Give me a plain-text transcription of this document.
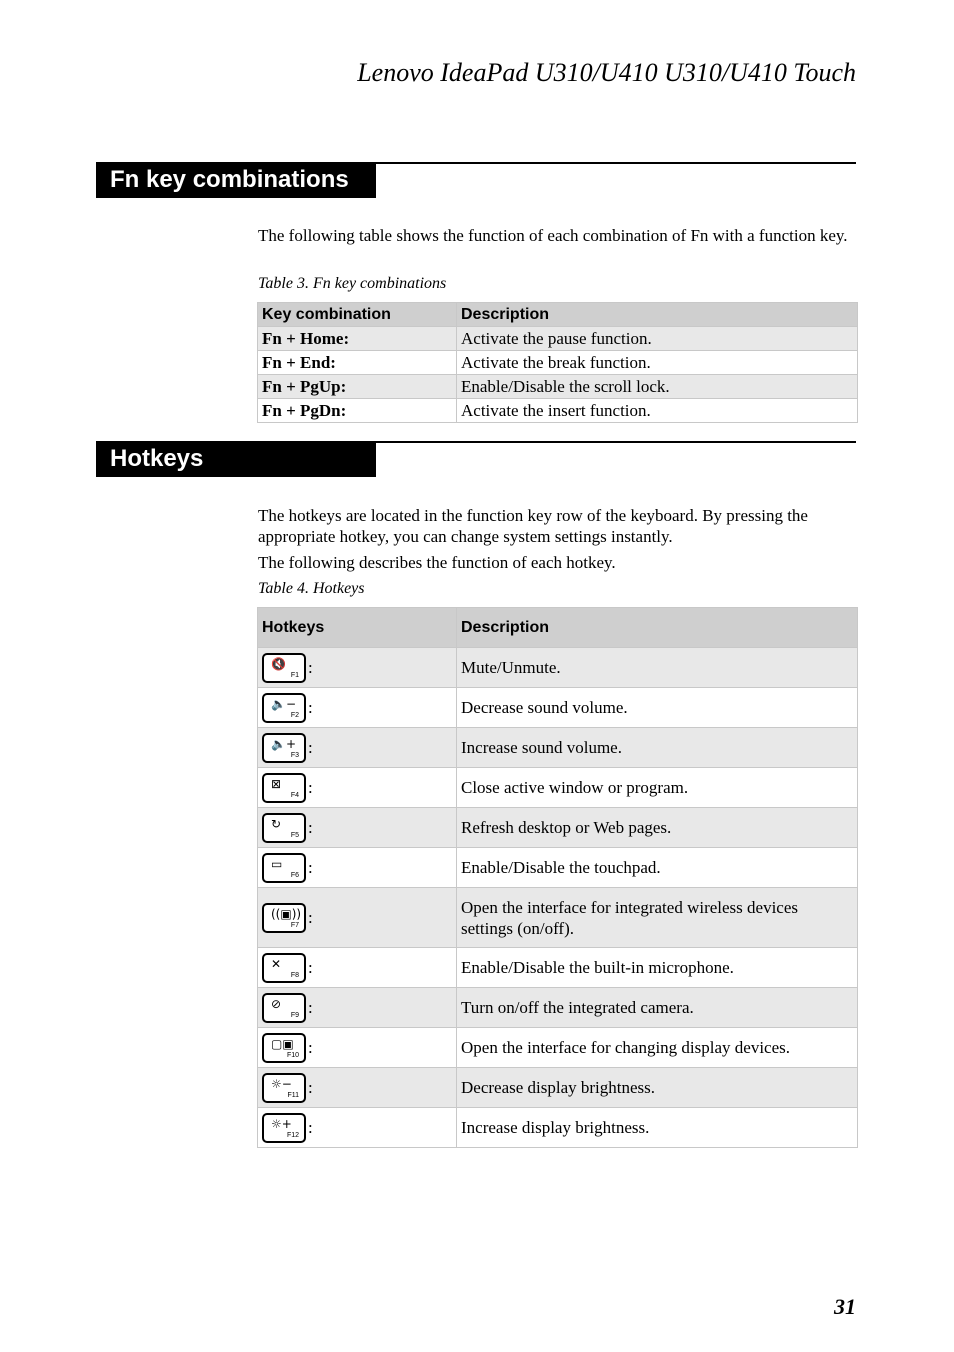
Lenovo IdeaPad U310/U410 U310/U410 Touch
Fn key combinations

The following table shows the function of each combination of Fn with a function key.

Table 3. Fn key combinations

Key combination	Description
Fn + Home:	Activate the pause function.
Fn + End:	Activate the break function.
Fn + PgUp:	Enable/Disable the scroll lock.
Fn + PgDn:	Activate the insert function.
Hotkeys

The hotkeys are located in the function key row of the keyboard. By pressing the appropriate hotkey, you can change system settings instantly.

The following describes the function of each hotkey.

Table 4. Hotkeys

Hotkeys	Description

🔇
F1 :	Mute/Unmute.

🔈−
F2 :	Decrease sound volume.

🔈+
F3 :	Increase sound volume.

⊠
F4 :	Close active window or program.

↻
F5 :	Refresh desktop or Web pages.

▭
F6 :	Enable/Disable the touchpad.

((▣))
F7 :	Open the interface for integrated wireless devices settings (on/off).

✕
F8 :	Enable/Disable the built-in microphone.

⊘
F9 :	Turn on/off the integrated camera.

▢▣
F10 :	Open the interface for changing display devices.

☼−
F11 :	Decrease display brightness.

☼+
F12 :	Increase display brightness.

31
